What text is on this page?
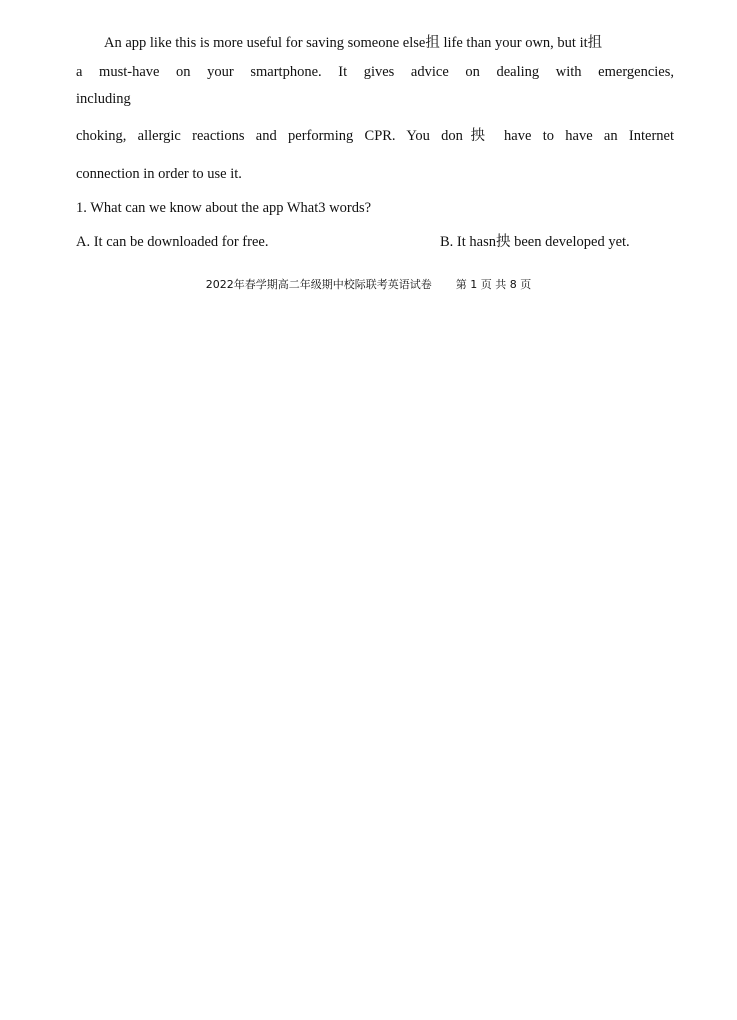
An app like this is more useful for saving someone else抯 life than your own, but it抯
a must-have on your smartphone. It gives advice on dealing with emergencies,
including
choking, allergic reactions and performing CPR. You don抰 have to have an Internet
connection in order to use it.
1. What can we know about the app What3 words?
A. It can be downloaded for free.	B. It hasn抰 been developed yet.
2022年春学期高二年级期中校际联考英语试卷 第 1 页 共 8 页
